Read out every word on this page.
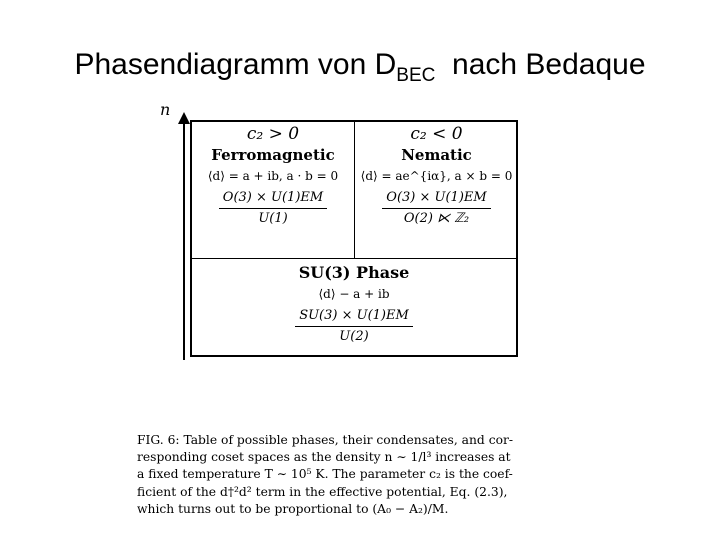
Phasendiagramm von $D_{BEC}$ nach Bedaque
n
c₂ > 0
Ferromagnetic
⟨d⟩ = a + ib, a · b = 0
$\frac{O(3) \times U(1)EM}{U(1)}$
c₂ < 0
Nematic
⟨d⟩ = ae^{iα}, a × b = 0
$\frac{O(3) \times U(1)EM}{\text{O(2) ⋉ ℤ₂}}$
SU(3) Phase
⟨d⟩ − a + ib
$\frac{SU(3) \times U(1)EM}{U(2)}$
FIG. 6: Table of possible phases, their condensates, and cor-
responding coset spaces as the density n ∼ 1/l³ increases at
a fixed temperature T ∼ 10⁵ K. The parameter c₂ is the coef-
ficient of the d†²d² term in the effective potential, Eq. (2.3),
which turns out to be proportional to (A₀ − A₂)/M.
